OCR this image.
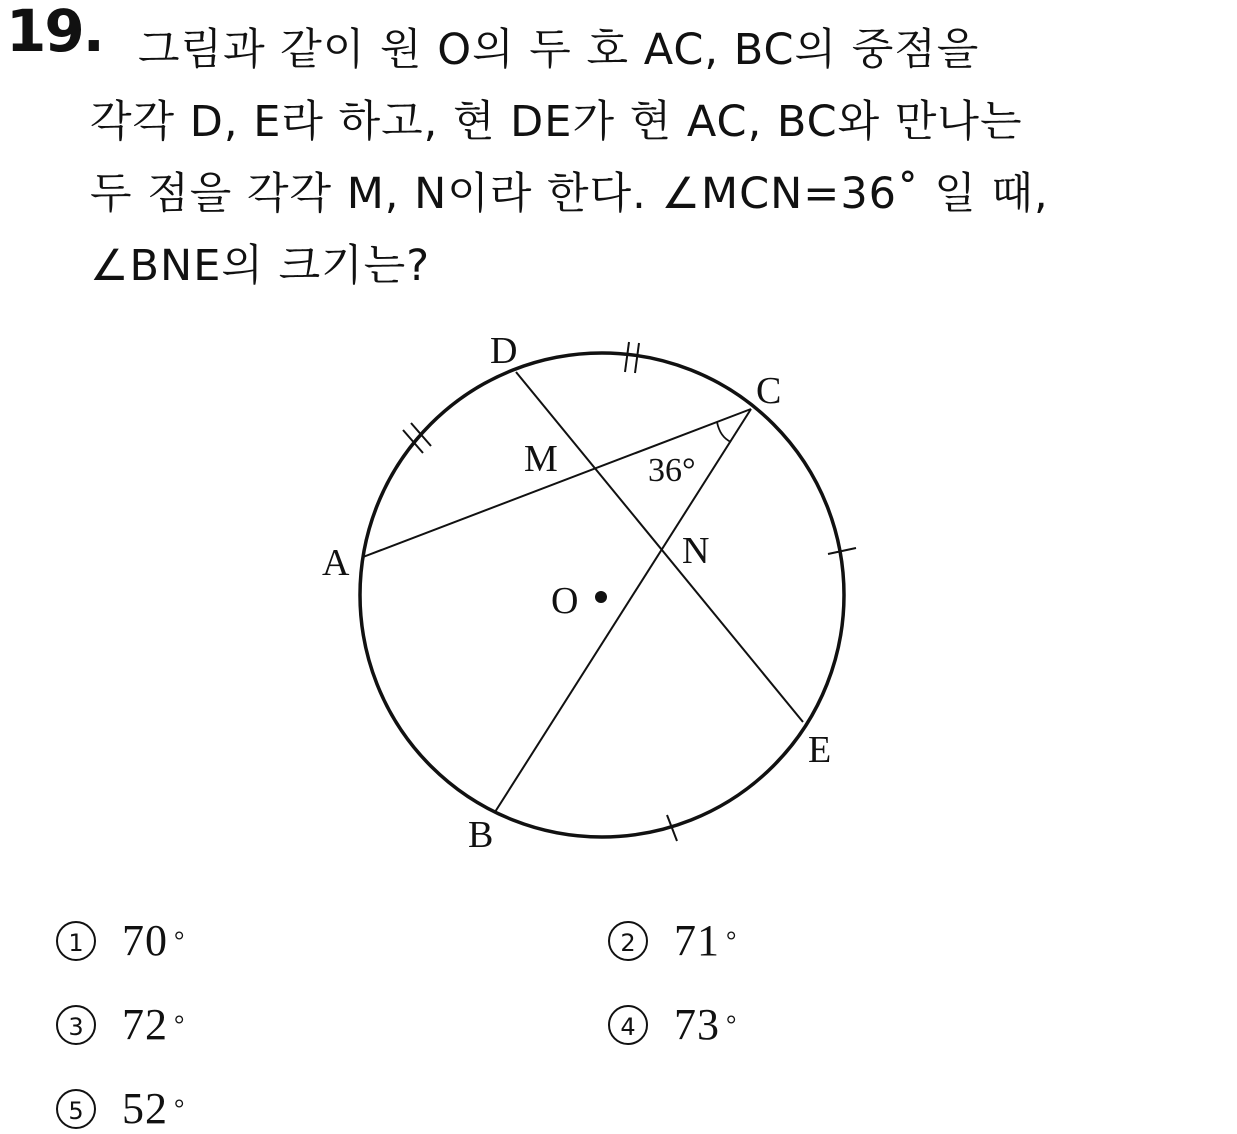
19. 그림과 같이 원 O의 두 호 AC, BC의 중점을
각각 D, E라 하고, 현 DE가 현 AC, BC와 만나는
두 점을 각각 M, N이라 한다. ∠MCN=36˚ 일 때,
∠BNE의 크기는?
D
C
M	36°
A	N
O
E
B
1 70 °	2 71 °
3 72 °	4 73 °
5 52 °
